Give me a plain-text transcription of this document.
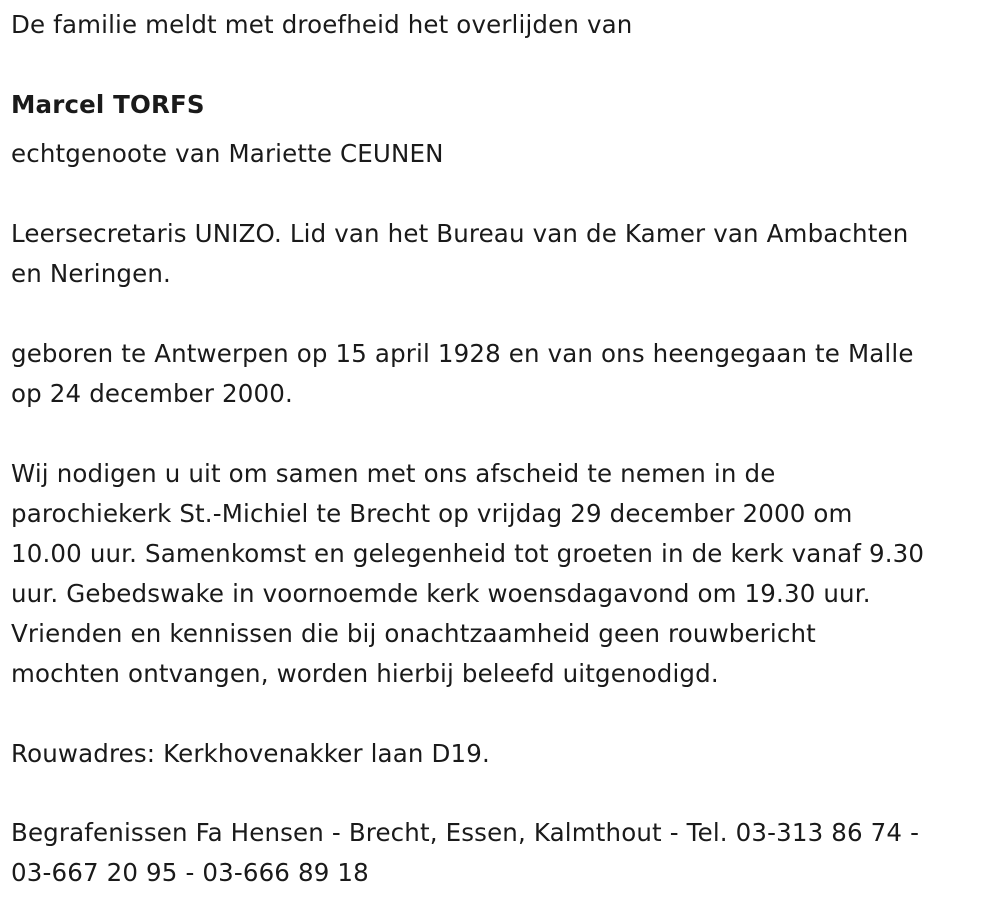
De familie meldt met droefheid het overlijden van
Marcel TORFS
echtgenoote van Mariette CEUNEN
Leersecretaris UNIZO. Lid van het Bureau van de Kamer van Ambachten
en Neringen.
geboren te Antwerpen op 15 april 1928 en van ons heengegaan te Malle
op 24 december 2000.
Wij nodigen u uit om samen met ons afscheid te nemen in de
parochiekerk St.-Michiel te Brecht op vrijdag 29 december 2000 om
10.00 uur. Samenkomst en gelegenheid tot groeten in de kerk vanaf 9.30
uur. Gebedswake in voornoemde kerk woensdagavond om 19.30 uur.
Vrienden en kennissen die bij onachtzaamheid geen rouwbericht
mochten ontvangen, worden hierbij beleefd uitgenodigd.
Rouwadres: Kerkhovenakker laan D19.
Begrafenissen Fa Hensen - Brecht, Essen, Kalmthout - Tel. 03-313 86 74 -
03-667 20 95 - 03-666 89 18
